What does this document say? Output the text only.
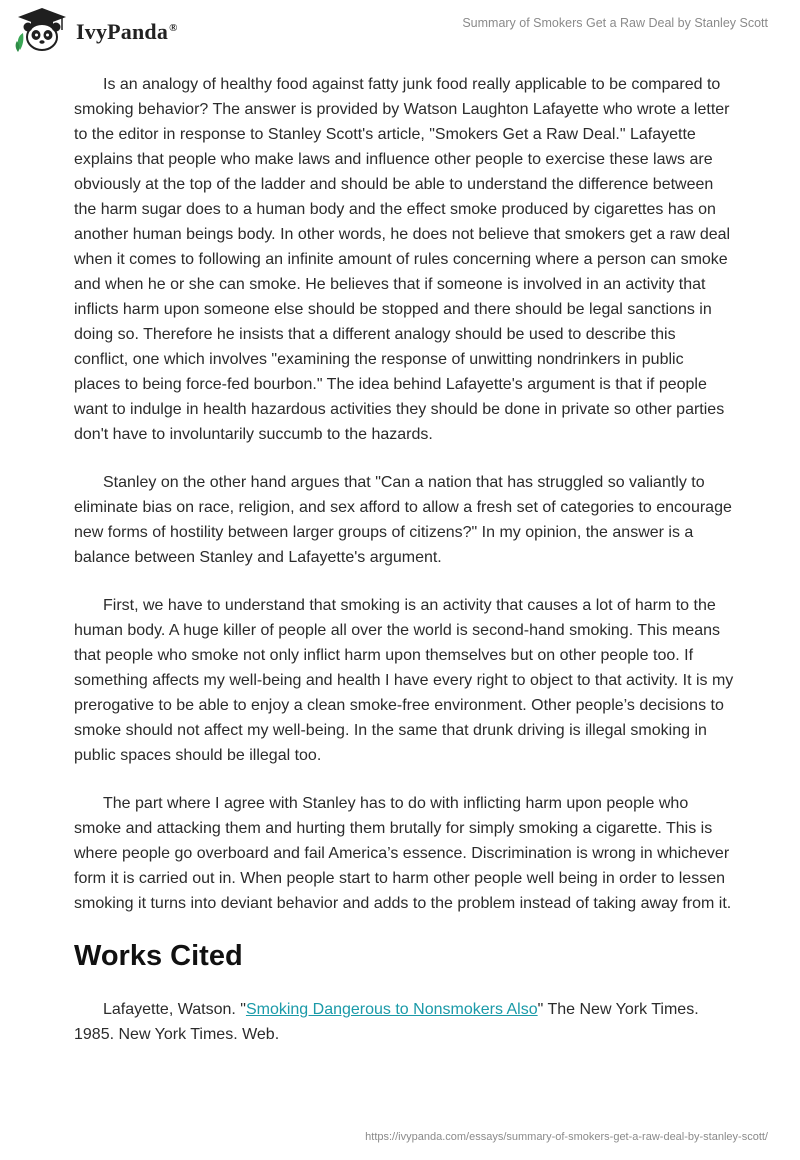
IvyPanda®	Summary of Smokers Get a Raw Deal by Stanley Scott

Is an analogy of healthy food against fatty junk food really applicable to be compared to smoking behavior? The answer is provided by Watson Laughton Lafayette who wrote a letter to the editor in response to Stanley Scott's article, "Smokers Get a Raw Deal." Lafayette explains that people who make laws and influence other people to exercise these laws are obviously at the top of the ladder and should be able to understand the difference between the harm sugar does to a human body and the effect smoke produced by cigarettes has on another human beings body. In other words, he does not believe that smokers get a raw deal when it comes to following an infinite amount of rules concerning where a person can smoke and when he or she can smoke. He believes that if someone is involved in an activity that inflicts harm upon someone else should be stopped and there should be legal sanctions in doing so. Therefore he insists that a different analogy should be used to describe this conflict, one which involves "examining the response of unwitting nondrinkers in public places to being force-fed bourbon." The idea behind Lafayette's argument is that if people want to indulge in health hazardous activities they should be done in private so other parties don't have to involuntarily succumb to the hazards.

Stanley on the other hand argues that "Can a nation that has struggled so valiantly to eliminate bias on race, religion, and sex afford to allow a fresh set of categories to encourage new forms of hostility between larger groups of citizens?" In my opinion, the answer is a balance between Stanley and Lafayette's argument.

First, we have to understand that smoking is an activity that causes a lot of harm to the human body. A huge killer of people all over the world is second-hand smoking. This means that people who smoke not only inflict harm upon themselves but on other people too. If something affects my well-being and health I have every right to object to that activity. It is my prerogative to be able to enjoy a clean smoke-free environment. Other people’s decisions to smoke should not affect my well-being. In the same that drunk driving is illegal smoking in public spaces should be illegal too.

The part where I agree with Stanley has to do with inflicting harm upon people who smoke and attacking them and hurting them brutally for simply smoking a cigarette. This is where people go overboard and fail America’s essence. Discrimination is wrong in whichever form it is carried out in. When people start to harm other people well being in order to lessen smoking it turns into deviant behavior and adds to the problem instead of taking away from it.

Works Cited

Lafayette, Watson. "Smoking Dangerous to Nonsmokers Also" The New York Times. 1985. New York Times. Web.

https://ivypanda.com/essays/summary-of-smokers-get-a-raw-deal-by-stanley-scott/
